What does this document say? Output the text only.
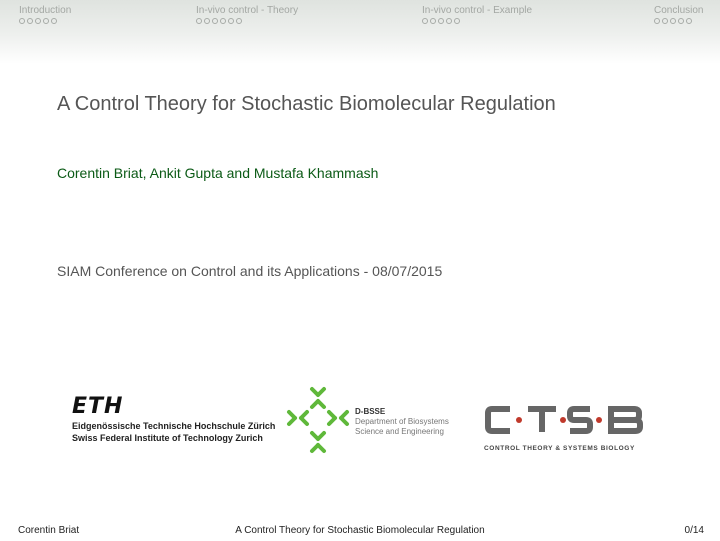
Introduction	In-vivo control - Theory	In-vivo control - Example	Conclusion
A Control Theory for Stochastic Biomolecular Regulation
Corentin Briat, Ankit Gupta and Mustafa Khammash
SIAM Conference on Control and its Applications - 08/07/2015
ETH
Eidgenössische Technische Hochschule Zürich
Swiss Federal Institute of Technology Zurich
D-BSSE
Department of Biosystems
Science and Engineering
CONTROL THEORY & SYSTEMS BIOLOGY
Corentin Briat	A Control Theory for Stochastic Biomolecular Regulation	0/14
